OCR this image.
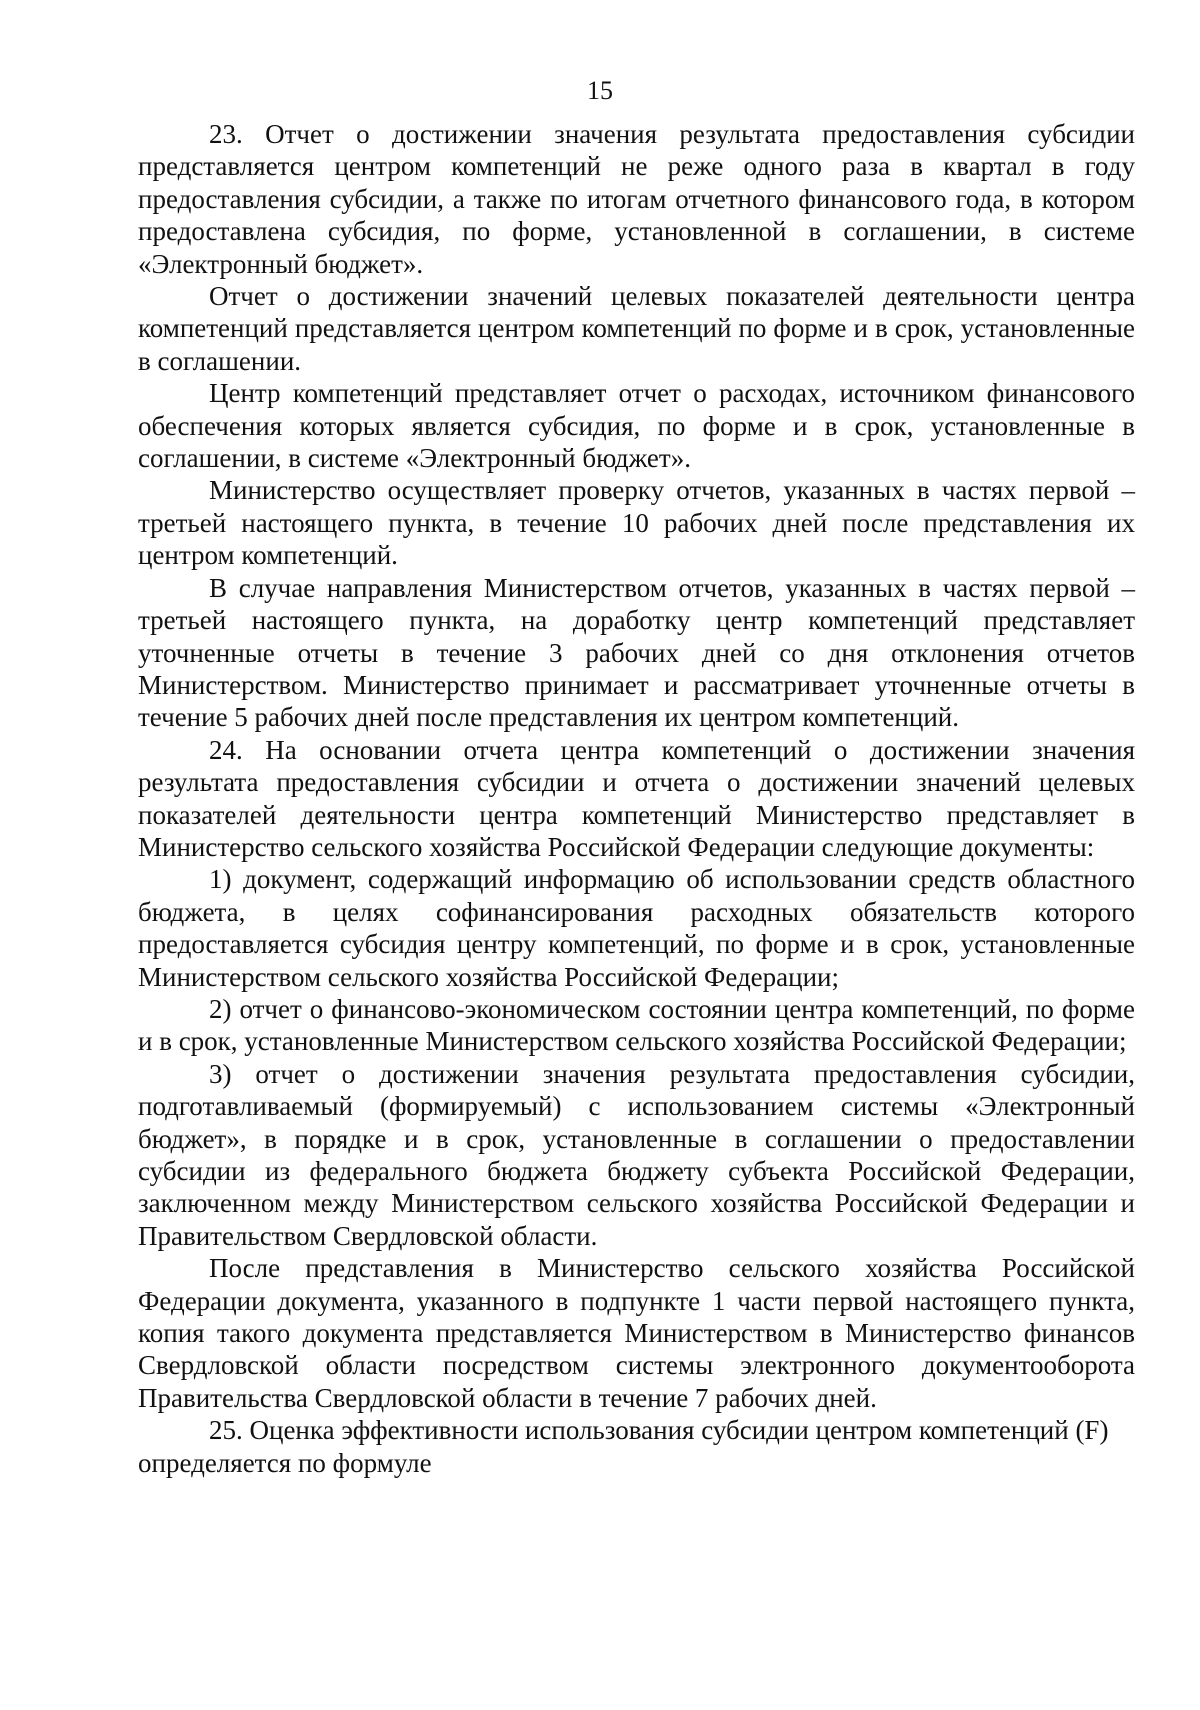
15

23. Отчет о достижении значения результата предоставления субсидии представляется центром компетенций не реже одного раза в квартал в году предоставления субсидии, а также по итогам отчетного финансового года, в котором предоставлена субсидия, по форме, установленной в соглашении, в системе «Электронный бюджет».

Отчет о достижении значений целевых показателей деятельности центра компетенций представляется центром компетенций по форме и в срок, установленные в соглашении.

Центр компетенций представляет отчет о расходах, источником финансового обеспечения которых является субсидия, по форме и в срок, установленные в соглашении, в системе «Электронный бюджет».

Министерство осуществляет проверку отчетов, указанных в частях первой – третьей настоящего пункта, в течение 10 рабочих дней после представления их центром компетенций.

В случае направления Министерством отчетов, указанных в частях первой – третьей настоящего пункта, на доработку центр компетенций представляет уточненные отчеты в течение 3 рабочих дней со дня отклонения отчетов Министерством. Министерство принимает и рассматривает уточненные отчеты в течение 5 рабочих дней после представления их центром компетенций.

24. На основании отчета центра компетенций о достижении значения результата предоставления субсидии и отчета о достижении значений целевых показателей деятельности центра компетенций Министерство представляет в Министерство сельского хозяйства Российской Федерации следующие документы:

1) документ, содержащий информацию об использовании средств областного бюджета, в целях софинансирования расходных обязательств которого предоставляется субсидия центру компетенций, по форме и в срок, установленные Министерством сельского хозяйства Российской Федерации;

2) отчет о финансово-экономическом состоянии центра компетенций, по форме и в срок, установленные Министерством сельского хозяйства Российской Федерации;

3) отчет о достижении значения результата предоставления субсидии, подготавливаемый (формируемый) с использованием системы «Электронный бюджет», в порядке и в срок, установленные в соглашении о предоставлении субсидии из федерального бюджета бюджету субъекта Российской Федерации, заключенном между Министерством сельского хозяйства Российской Федерации и Правительством Свердловской области.

После представления в Министерство сельского хозяйства Российской Федерации документа, указанного в подпункте 1 части первой настоящего пункта, копия такого документа представляется Министерством в Министерство финансов Свердловской области посредством системы электронного документооборота Правительства Свердловской области в течение 7 рабочих дней.

25. Оценка эффективности использования субсидии центром компетенций (F) определяется по формуле
